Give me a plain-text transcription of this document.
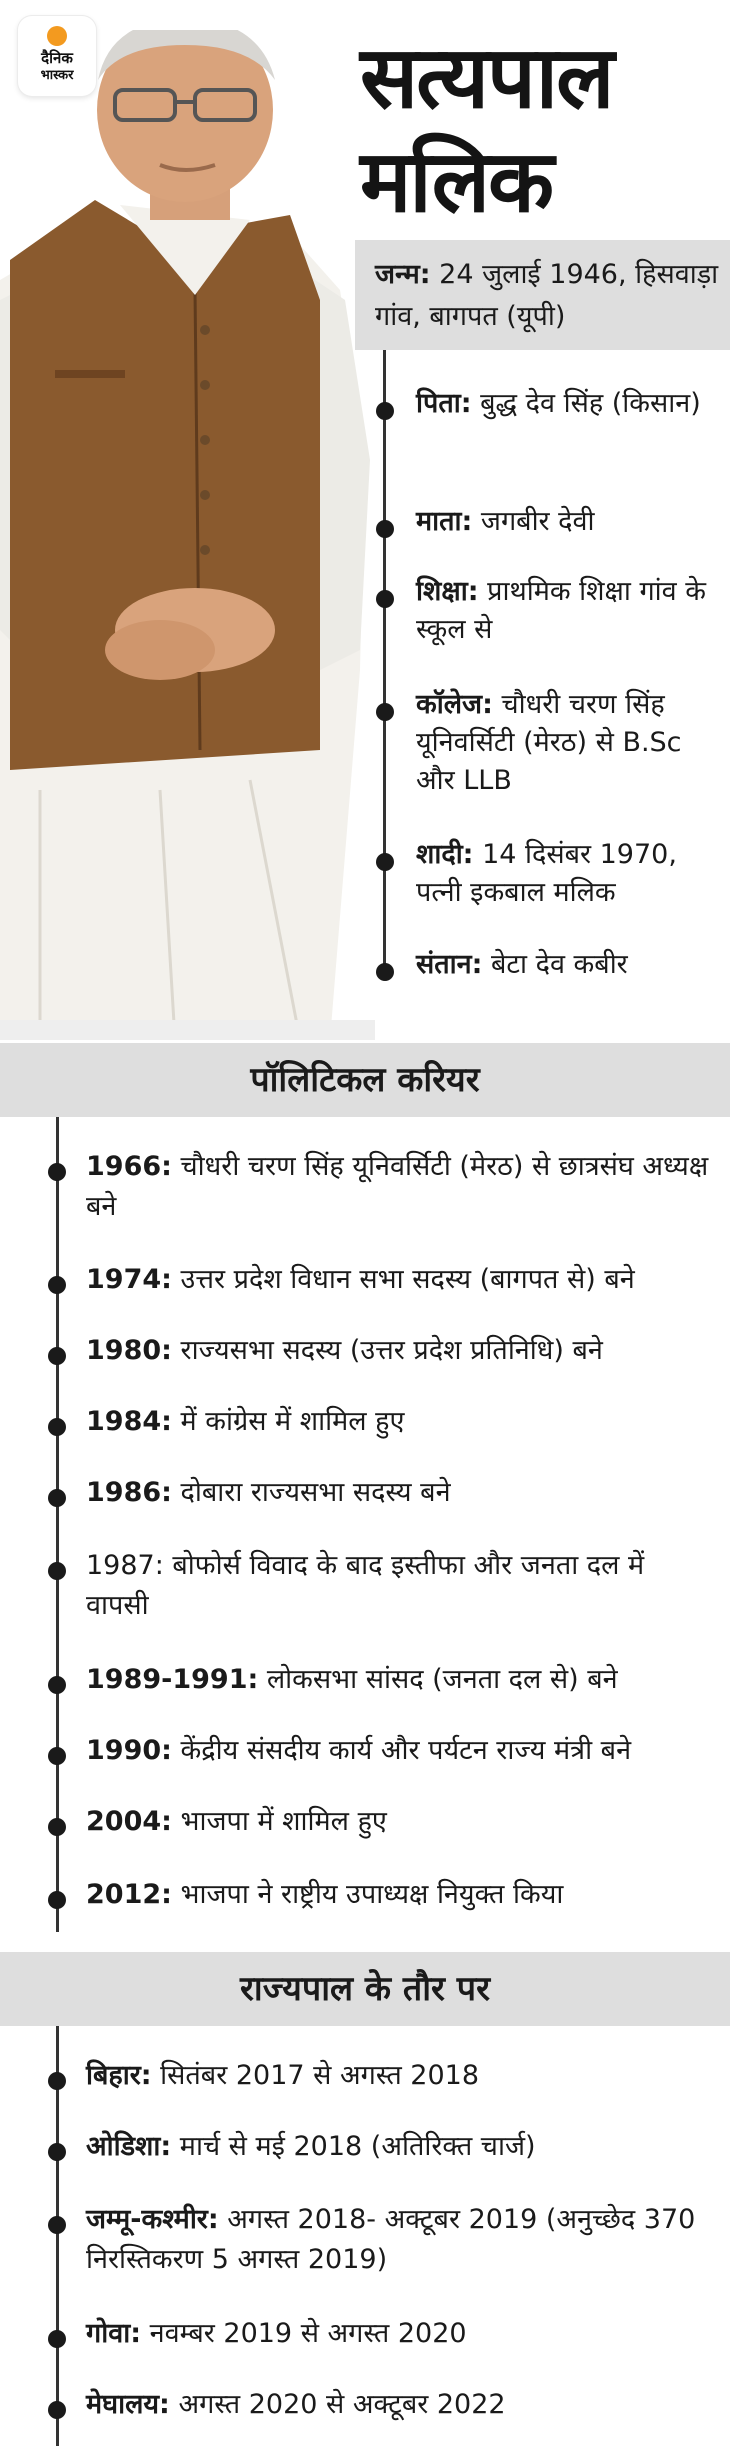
दैनिक
भास्कर	सत्यपाल
मलिक
जन्म: 24 जुलाई 1946, हिसवाड़ा गांव, बागपत (यूपी)
पिता: बुद्ध देव सिंह (किसान)
माता: जगबीर देवी
शिक्षा: प्राथमिक शिक्षा गांव के स्कूल से
कॉलेज: चौधरी चरण सिंह यूनिवर्सिटी (मेरठ) से B.Sc और LLB
शादी: 14 दिसंबर 1970, पत्नी इकबाल मलिक
संतान: बेटा देव कबीर
पॉलिटिकल करियर
1966: चौधरी चरण सिंह यूनिवर्सिटी (मेरठ) से छात्रसंघ अध्यक्ष बने
1974: उत्तर प्रदेश विधान सभा सदस्य (बागपत से) बने
1980: राज्यसभा सदस्य (उत्तर प्रदेश प्रतिनिधि) बने
1984: में कांग्रेस में शामिल हुए
1986: दोबारा राज्यसभा सदस्य बने
1987: बोफोर्स विवाद के बाद इस्तीफा और जनता दल में वापसी
1989-1991: लोकसभा सांसद (जनता दल से) बने
1990: केंद्रीय संसदीय कार्य और पर्यटन राज्य मंत्री बने
2004: भाजपा में शामिल हुए
2012: भाजपा ने राष्ट्रीय उपाध्यक्ष नियुक्त किया
राज्यपाल के तौर पर
बिहार: सितंबर 2017 से अगस्त 2018
ओडिशा: मार्च से मई 2018 (अतिरिक्त चार्ज)
जम्मू-कश्मीर: अगस्त 2018- अक्टूबर 2019 (अनुच्छेद 370 निरस्तिकरण 5 अगस्त 2019)
गोवा: नवम्बर 2019 से अगस्त 2020
मेघालय: अगस्त 2020 से अक्टूबर 2022
